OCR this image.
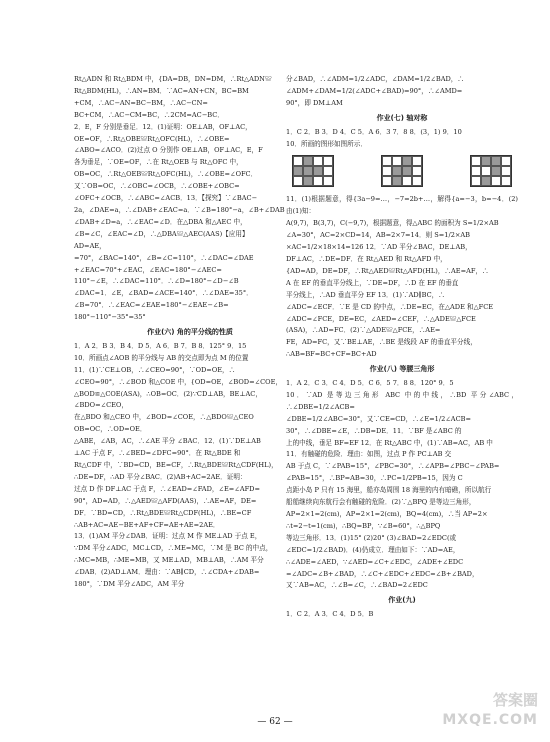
Rt△ADN 和 Rt△BDM 中，{DA=DB，DN=DM，∴Rt△ADN≌

Rt△BDM(HL)，∴AN=BM．∵AC=AN+CN，BC=BM

+CM，∴AC−AN=BC−BM，∴AC−CN=

BC+CM，∴AC−CM=BC，∴2CM=AC−BC．

2．E，F 分别是垂足．12．(1)证明：OE⊥AB，OF⊥AC，

OE=OF，∴Rt△OBE≌Rt△OFC(HL)，∴∠OBE=

∠ABO=∠ACO．(2)过点 O 分别作 OE⊥AB，OF⊥AC，E，F

各为垂足，∵OE=OF，∴在 Rt△OEB 与 Rt△OFC 中，

OB=OC，∴Rt△OEB≌Rt△OFC(HL)，∴∠OBE=∠OFC．

又∵OB=OC，∴∠OBC=∠OCB，∴∠OBE+∠OBC=

∠OFC+∠OCB，∴∠ABC=∠ACB．13．【探究】∵∠BAC−

2a，∠DAE=a，∴∠DAB+∠EAC=a．∵∠B=180°−a，∠B+∠DAB

∠DAB+∠D=a，∴∠EAC=∠D．在△DBA 和△AEC 中，

∠B=∠C，∠EAC=∠D，∴△DBA≌△AEC(AAS)【应用】

AD=AE，

=70°，∠BAC=140°，∠B=∠C=110°，∴∠DAC=∠DAE

+∠EAC=70°+∠EAC，∠EAC=180°−∠AEC=

110°−∠E，∴∠DAC=110°．∴∠D=180°−∠D−∠B

∠DAC=1．∠E，∠BAD=∠ACE=140°．∴∠DAE=35°．

∠B=70°．∴∠EAC=∠EAE=180°−∠EAE−∠B=

180°−110°−35°=35°

作业(六) 角的平分线的性质

1．A 2．B 3．B 4．D 5．A 6．B 7．B 8．125° 9．15

10．所画点∠AOB 的平分线与 AB 的交点即为点 M 的位置

11．(1)∵CE⊥OB，∴∠CEO=90°，∵OD=OE，∴

∠CEO=90°，∴∠BOD 和△COE 中，{OD=OE，∠BOD=∠COE，

△BOD≌△COE(ASA)，∴OB=OC．(2)∵CD⊥AB，BE⊥AC，

∠BDO=∠CEO，

在△BDO 和△CEO 中，∠BOD=∠COE，∴△BDO≌△CEO

OB=OC，∴OD=OE．

△ABE，∠AB，AC，∴∠AE 平分 ∠BAC．12．(1)∵DE⊥AB

⊥AC 于点 F，∴∠BED=∠DFC=90°．在 Rt△BDE 和

Rt△CDF 中，∵BD=CD，BE=CF，∴Rt△BDE≌Rt△CDF(HL)，

∴DE=DF，∴AD 平分∠BAC．(2)AB+AC=2AE．证明：

过点 D 作 DF⊥AC 于点 F，∴∠EAD=∠FAD，∠E=∠AFD=

90°，AD=AD，∴△AED≌△AFD(AAS)，∴AE=AF，DE=

DF．∵BD=CD，∴Rt△BDE≌Rt△CDF(HL)，∴BE=CF

∴AB+AC=AE−BE+AF+CF=AE+AE=2AE．

13．(1)AM 平分∠DAB．证明：过点 M 作 ME⊥AD 于点 E，

∵DM 平分∠ADC，MC⊥CD，∴ME=MC，∵M 是 BC 的中点，

∴MC=MB，∴ME=MB，又 ME⊥AD，MB⊥AB，∴AM 平分

∠DAB．(2)AD⊥AM．理由：∵AB∥CD，∴∠CDA+∠DAB=

180°，∵DM 平分∠ADC，AM 平分

分∠BAD，∴∠ADM=1/2∠ADC，∠DAM=1/2∠BAD，∴

∠ADM+∠DAM=1/2(∠ADC+∠BAD)=90°，∴∠AMD=

90°，即 DM⊥AM

作业(七) 轴对称

1．C 2．B 3．D 4．C 5．A 6．3 7．8 8．(3，1) 9．10

10．所画的图形如图所示．

11．(1)根据题意，得{3a−9=…，−7=2b+…，解得{a=−3，b=−4．(2)由(1)知：

A(9,7)，B(3,7)，C(−9,7)，根据题意，得△ABC 的面积为 S=1/2×AB

∠A=30°，AC=2×CD=14，AB=2×7=14．则 S=1/2×AB

×AC=1/2×18×14=126 12．∵AD 平分∠BAC，DE⊥AB，

DF⊥AC，∴DE=DF．在 Rt△AED 和 Rt△AFD 中，

{AD=AD，DE=DF，∴Rt△AED≌Rt△AFD(HL)，∴AE=AF，∴

A 在 EF 的垂直平分线上，∵DE=DF，∴D 在 EF 的垂直

平分线上，∴AD 垂直平分 EF 13．(1)∵AD∥BC，∴

∠ADC=∠ECF．∵E 是 CD 的中点，∴DE=EC，在△ADE 和△FCE

∠ADC=∠FCE，DE=EC，∠AED=∠CEF，∴△ADE≌△FCE

(ASA)，∴AD=FC．(2)∵△ADE≌△FCE，∴AE=

FE，AD=FC，又∵BE⊥AE，∴BE 是线段 AF 的垂直平分线，

∴AB=BF=BC+CF=BC+AD

作业(八) 等腰三角形

1．A 2．C 3．C 4．D 5．C 6．5 7．8 8．120° 9．5

10．∵AD 是等边三角形 ABC 中的中线，∴BD 平分∠ABC，∴∠DBE=1/2∠ACB=

∠DBE=1/2∠ABC=30°，又∵CE=CD，∴∠E=1/2∠ACB=

30°，∴∠DBE=∠E，∴DB=DE．11．∵BF 是∠ABC 的

上的中线，垂足 BF=EF 12．在 Rt△ABC 中，(1)∵AB=AC，AB 中

11．有触碰的危险．理由：如图，过点 P 作 PC⊥AB 交

AB 于点 C，∵∠PAB=15°，∠PBC=30°，∴∠APB=∠PBC−∠PAB=

∠PAB=15°，∴BP=AB=30，∴PC=1/2PB=15，因为 C

点距小岛 P 只有 15 海里，船亦岛周围 18 海里的内有暗礁，所以航行

船船继续向东航行会有触碰的危险．(2)∵△BPQ 是等边三角形，

AP=2×1=2(cm)，AP=2×1=2(cm)，BQ=4(cm)，∴当 AP=2×

∴t=2−t=1(cm)，∴BQ=BP，∵∠B=60°，∴△BPQ

等边三角形．13．(1)15° (2)20° (3)∠BAD=2∠EDC(或

∠EDC=1/2∠BAD)．(4)仍成立．理由如下：∵AD=AE，

∴∠ADE=∠AED，∵∠AED=∠C+∠EDC，∠ADE+∠EDC

=∠ADC=∠B+∠BAD，∴∠C+∠EDC+∠EDC=∠B+∠BAD，

又∵AB=AC，∴∠B=∠C，∴∠BAD=2∠EDC

作业(九)

1．C 2．A 3．C 4．D 5．B

— 62 —
答案圈
MXQE.COM
